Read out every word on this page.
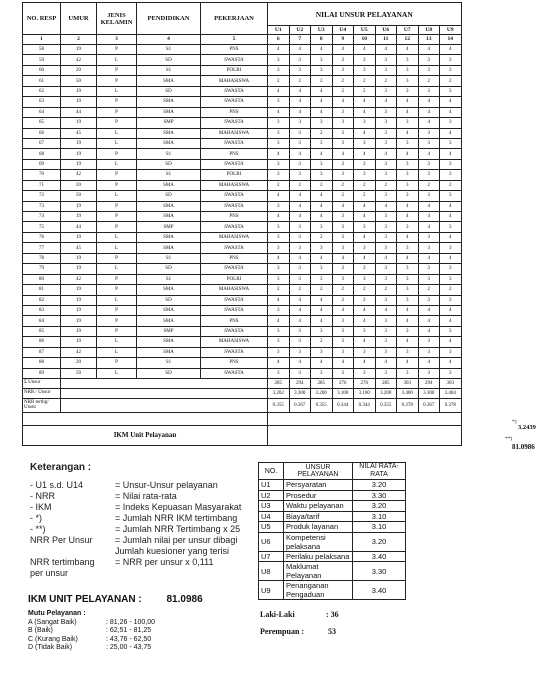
NO. RESP	UMUR	JENIS KELAMIN	PENDIDIKAN	PEKERJAAN	NILAI UNSUR PELAYANAN								
					U1	U2	U3	U4	U5	U6	U7	U8	U9
1	2	3	4	5	6	7	8	9	10	11	12	13	14
58	19	P	S1	PNS	4	4	4	4	4	4	4	4	4
59	42	L	SD	SWASTA	3	3	3	3	3	3	3	3	3
60	20	P	S1	POLRI	3	3	3	3	3	3	3	3	3
61	50	P	SMA	MAHASISWA	2	2	2	2	2	2	3	2	2
62	19	L	SD	SWASTA	4	4	4	2	2	3	3	3	3
63	19	P	SMA	SWASTA	3	4	4	4	4	4	4	4	4
64	44	P	SMA	PNS	4	4	4	3	4	3	4	4	4
65	19	P	SMP	SWASTA	3	3	3	3	3	3	3	4	3
66	45	L	SMA	MAHASISWA	3	3	2	3	4	3	4	3	4
67	19	L	SMA	SWASTA	3	3	3	3	3	3	3	3	3
68	19	P	S1	PNS	4	4	4	4	4	4	4	4	4
69	19	L	SD	SWASTA	3	3	3	3	3	3	3	3	3
70	42	P	S1	POLRI	3	3	3	3	3	3	3	3	3
71	20	P	SMA	MAHASISWA	2	2	2	2	2	2	3	2	2
72	50	L	SD	SWASTA	4	4	4	2	2	3	3	3	3
73	19	P	SMA	SWASTA	3	4	4	4	4	4	4	4	4
74	19	P	SMA	PNS	4	4	4	3	4	3	4	4	4
75	44	P	SMP	SWASTA	3	3	3	3	3	3	3	4	3
76	19	L	SMA	MAHASISWA	3	3	2	3	4	3	4	3	4
77	45	L	SMA	SWASTA	3	3	3	3	3	3	3	3	3
78	19	P	S1	PNS	4	4	4	4	4	4	4	4	4
79	19	L	SD	SWASTA	3	3	3	3	3	3	3	3	3
80	42	P	S1	POLRI	3	3	3	3	3	3	3	3	3
81	19	P	SMA	MAHASISWA	2	2	2	2	2	2	3	2	2
82	19	L	SD	SWASTA	4	4	4	2	2	3	3	3	3
83	19	P	SMA	SWASTA	3	4	4	4	4	4	4	4	4
84	19	P	SMA	PNS	4	4	4	3	4	3	4	4	4
85	19	P	SMP	SWASTA	3	3	3	3	3	3	3	4	3
86	19	L	SMA	MAHASISWA	3	3	2	3	4	3	4	3	4
87	42	L	SMA	SWASTA	3	3	3	3	3	3	3	3	3
88	20	P	S1	PNS	4	4	4	4	4	4	4	4	4
89	50	L	SD	SWASTA	3	3	3	3	3	3	3	3	3
Σ Unsur					285	294	285	276	276	285	303	294	303
NRR / Unsur					3.202	3.300	3.200	3.100	3.100	3.200	3.400	3.300	3.404
NRR tertbg/ Unsur					0.355	0.367	0.355	0.344	0.344	0.355	0.378	0.367	0.378

IKM Unit Pelayanan													
*)
3.2439
**)
81.0986
Keterangan :
- U1 s.d. U14	= Unsur-Unsur pelayanan
- NRR	= Nilai rata-rata
- IKM	= Indeks Kepuasan Masyarakat
- *)	= Jumlah NRR IKM tertimbang
- **)	= Jumlah NRR Tertimbang x 25
NRR Per Unsur	= Jumlah nilai per unsur dibagi
Jumlah kuesioner yang terisi
NRR tertimbang	= NRR per unsur x 0,111
per unsur
NO.	UNSUR PELAYANAN	NILAI RATA-RATA
U1	Persyaratan	3.20
U2	Prosedur	3.30
U3	Waktu pelayanan	3.20
U4	Biaya/tarif	3.10
U5	Produk layanan	3.10
U6	Kompetensi pelaksana	3.20
U7	Perilaku pelaksana	3.40
U8	Maklumat Pelayanan	3.30
U9	Penanganan Pengaduan	3.40
IKM UNIT PELAYANAN : 81.0986
Mutu Pelayanan :
A (Sangat Baik)	: 81,26 - 100,00
B (Baik)	: 62,51 - 81,25
C (Kurang Baik)	: 43,76 - 62,50
D (Tidak Baik)	: 25,00 - 43,75
Laki-Laki	: 36
Perempuan :	53
